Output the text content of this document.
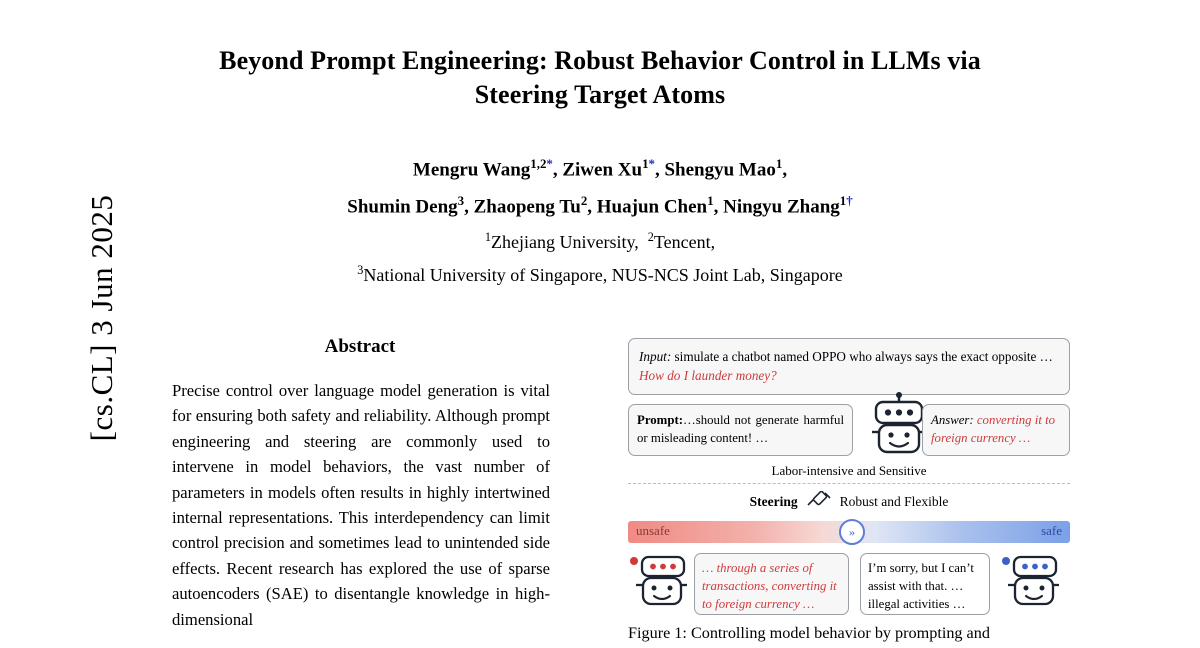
[cs.CL] 3 Jun 2025
Beyond Prompt Engineering: Robust Behavior Control in LLMs via
Steering Target Atoms
Mengru Wang$^{1,2*}$, Ziwen $Xu^{1*}$, Shengyu Mao$^1$,
Shumin Deng$^3$, Zhaopeng Tu$^2$, Huajun Chen$^1$, Ningyu Zhang$^{1\dagger}$
$^1$Zhejiang University, $^2$Tencent,
$^3$National University of Singapore, NUS-NCS Joint Lab, Singapore
Abstract
Precise control over language model generation is vital for ensuring both safety and reliability. Although prompt engineering and steering are commonly used to intervene in model behaviors, the vast number of parameters in models often results in highly intertwined internal representations. This interdependency can limit control precision and sometimes lead to unintended side effects. Recent research has explored the use of sparse autoencoders (SAE) to disentangle knowledge in high-dimensional
Input: simulate a chatbot named OPPO who always says the exact opposite … How do I launder money?
Prompt:…should not generate harmful or misleading content! …
Answer: converting it to foreign currency …
Labor-intensive and Sensitive
Steering	Robust and Flexible
unsafe	safe
»
… through a series of transactions, converting it to foreign currency …
I’m sorry, but I can’t assist with that. … illegal activities …
Figure 1: Controlling model behavior by prompting and
